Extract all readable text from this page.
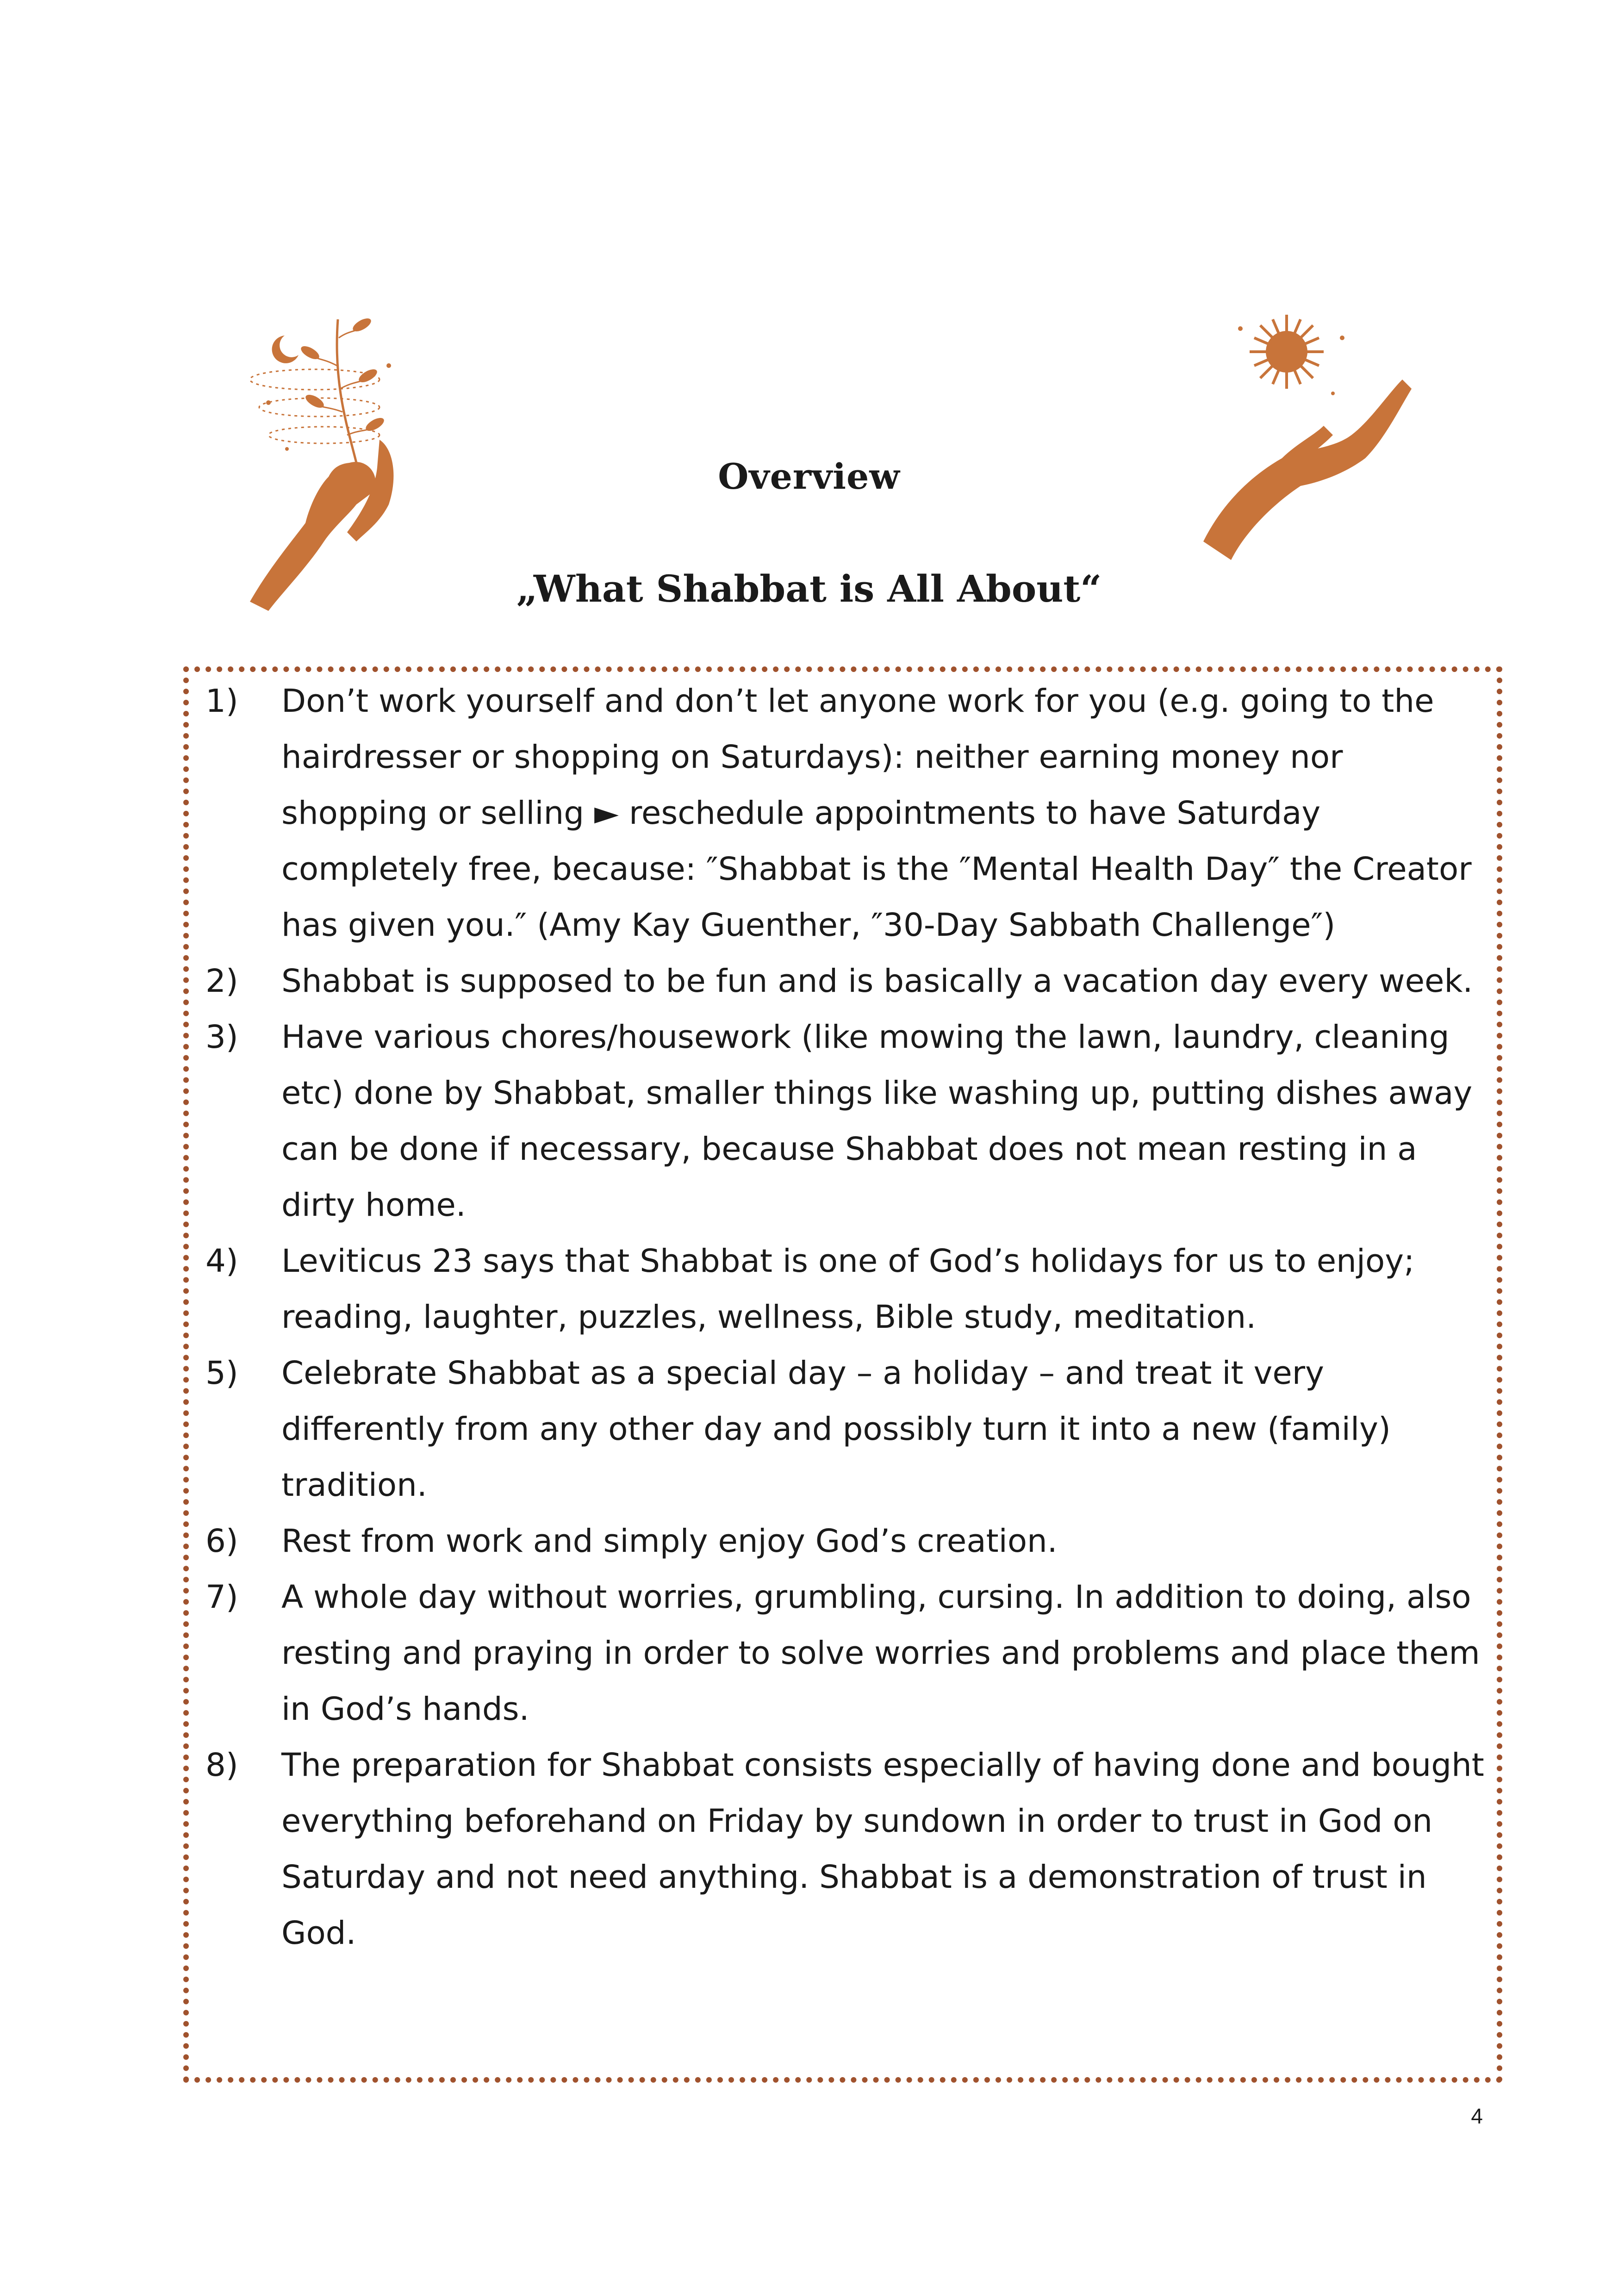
Overview
„What Shabbat is All About“
1) Don’t work yourself and don’t let anyone work for you (e.g. going to the hairdresser or shopping on Saturdays): neither earning money nor shopping or selling ► reschedule appointments to have Saturday completely free, because: ″Shabbat is the ″Mental Health Day″ the Creator has given you.″ (Amy Kay Guenther, ″30-Day Sabbath Challenge″)
2) Shabbat is supposed to be fun and is basically a vacation day every week.
3) Have various chores/housework (like mowing the lawn, laundry, cleaning etc) done by Shabbat, smaller things like washing up, putting dishes away can be done if necessary, because Shabbat does not mean resting in a dirty home.
4) Leviticus 23 says that Shabbat is one of God’s holidays for us to enjoy; reading, laughter, puzzles, wellness, Bible study, meditation.
5) Celebrate Shabbat as a special day – a holiday – and treat it very differently from any other day and possibly turn it into a new (family) tradition.
6) Rest from work and simply enjoy God’s creation.
7) A whole day without worries, grumbling, cursing. In addition to doing, also resting and praying in order to solve worries and problems and place them in God’s hands.
8) The preparation for Shabbat consists especially of having done and bought everything beforehand on Friday by sundown in order to trust in God on Saturday and not need anything. Shabbat is a demonstration of trust in God.
4
